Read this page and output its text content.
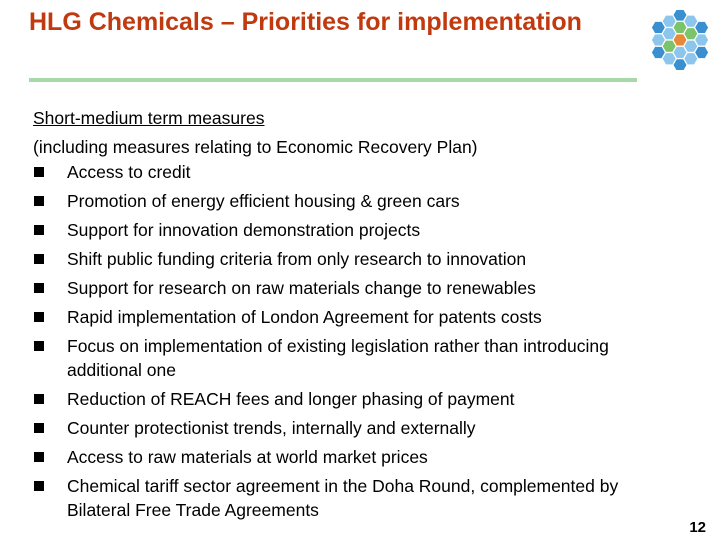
HLG Chemicals – Priorities for implementation
Short-medium term measures
(including measures relating to Economic Recovery Plan)
Access to credit
Promotion of energy efficient housing & green cars
Support for innovation demonstration projects
Shift public funding criteria from only research to innovation
Support for research on raw materials change to renewables
Rapid implementation of London Agreement for patents costs
Focus on implementation of existing legislation rather than introducing additional one
Reduction of REACH fees and longer phasing of payment
Counter protectionist trends, internally and externally
Access to raw materials at world market prices
Chemical tariff sector agreement in the Doha Round, complemented by Bilateral Free Trade Agreements
12
